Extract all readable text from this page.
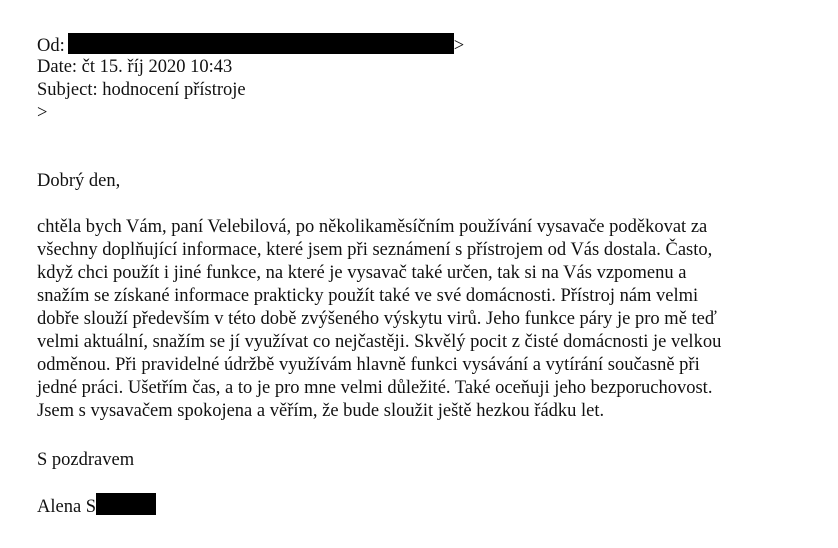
Od:	>
Date: čt 15. říj 2020 10:43
Subject: hodnocení přístroje
>
Dobrý den,
chtěla bych Vám, paní Velebilová, po několikaměsíčním používání vysavače poděkovat za
všechny doplňující informace, které jsem při seznámení s přístrojem od Vás dostala. Často,
když chci použít i jiné funkce, na které je vysavač také určen, tak si na Vás vzpomenu a
snažím se získané informace prakticky použít také ve své domácnosti. Přístroj nám velmi
dobře slouží především v této době zvýšeného výskytu virů. Jeho funkce páry je pro mě teď
velmi aktuální, snažím se jí využívat co nejčastěji. Skvělý pocit z čisté domácnosti je velkou
odměnou. Při pravidelné údržbě využívám hlavně funkci vysávání a vytírání současně při
jedné práci. Ušetřím čas, a to je pro mne velmi důležité. Také oceňuji jeho bezporuchovost.
Jsem s vysavačem spokojena a věřím, že bude sloužit ještě hezkou řádku let.
S pozdravem
Alena S
